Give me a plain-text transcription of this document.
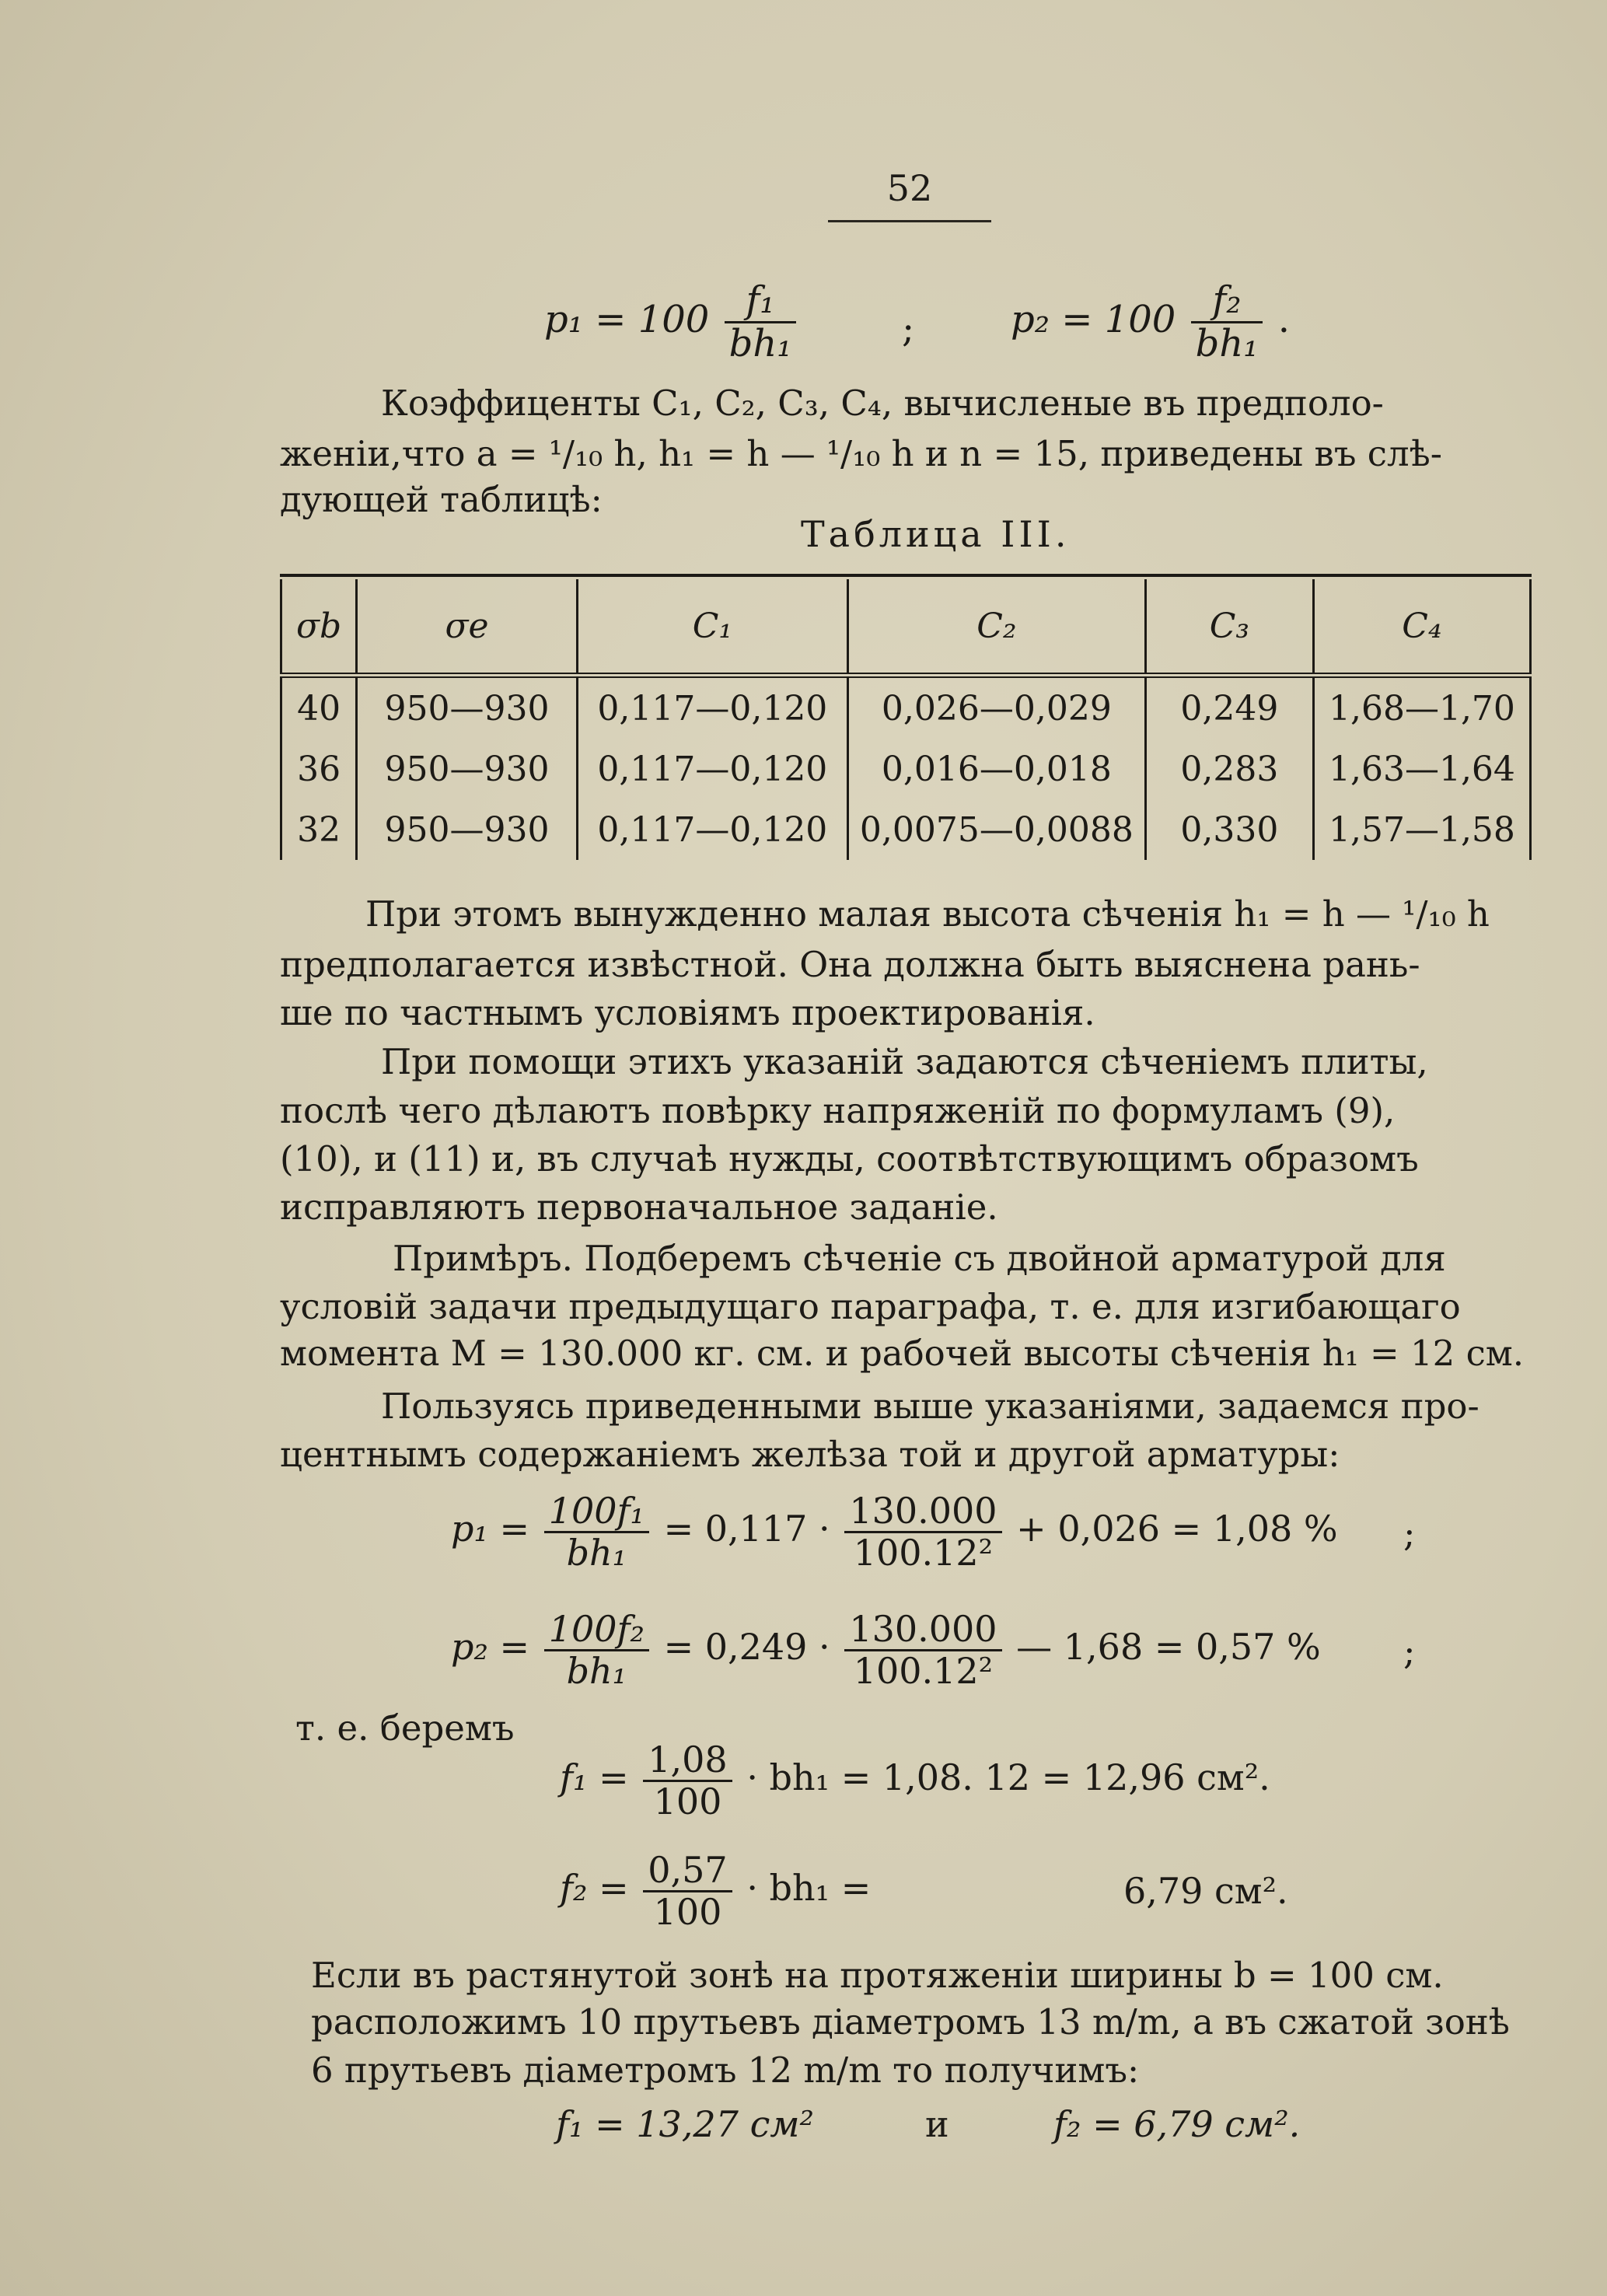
52
$p_1 = 100 \frac{\text{f₁}}{\text{bh₁}}$	;	$p_2 = 100 \frac{\text{f₂}}{\text{bh₁}}$ .
Коэффиценты C₁, C₂, C₃, C₄, вычисленые въ предполо-
женіи,что a = ¹/₁₀ h, h₁ = h — ¹/₁₀ h и n = 15, приведены въ слѣ-
дующей таблицѣ:
Таблица III.
σb	σe	C₁	C₂	C₃	C₄
40	950—930	0,117—0,120	0,026—0,029	0,249	1,68—1,70
36	950—930	0,117—0,120	0,016—0,018	0,283	1,63—1,64
32	950—930	0,117—0,120	0,0075—0,0088	0,330	1,57—1,58
При этомъ вынужденно малая высота сѣченія h₁ = h — ¹/₁₀ h
предполагается извѣстной. Она должна быть выяснена рань-
ше по частнымъ условіямъ проектированія.
При помощи этихъ указаній задаются сѣченіемъ плиты,
послѣ чего дѣлаютъ повѣрку напряженій по формуламъ (9),
(10), и (11) и, въ случаѣ нужды, соотвѣтствующимъ образомъ
исправляютъ первоначальное заданіе.
Примѣръ. Подберемъ сѣченіе съ двойной арматурой для
условій задачи предыдущаго параграфа, т. е. для изгибающаго
момента M = 130.000 кг. см. и рабочей высоты сѣченія h₁ = 12 см.
Пользуясь приведенными выше указаніями, задаемся про-
центнымъ содержаніемъ желѣза той и другой арматуры:
$p_1 = \frac{\text{100f₁}}{\text{bh₁}} = 0,117 \cdot \frac{130.000}{\text{100.12²}} + 0,026 = 1,08$ % ;
$p_2 = \frac{\text{100f₂}}{\text{bh₁}} = 0,249 \cdot \frac{130.000}{\text{100.12²}}$ — 1,68 = 0,57 % ;
т. е. беремъ
$f_1 = \frac{1,08}{100} \cdot bh_1 = 1,08$. 12 = 12,96 см².
$f_2 = \frac{0,57}{100} \cdot bh_1$ =	6,79 см².
Если въ растянутой зонѣ на протяженіи ширины b = 100 см.
расположимъ 10 прутьевъ діаметромъ 13 m/m, а въ сжатой зонѣ
6 прутьевъ діаметромъ 12 m/m то получимъ:
f₁ = 13,27 см²	и	f₂ = 6,79 см².
